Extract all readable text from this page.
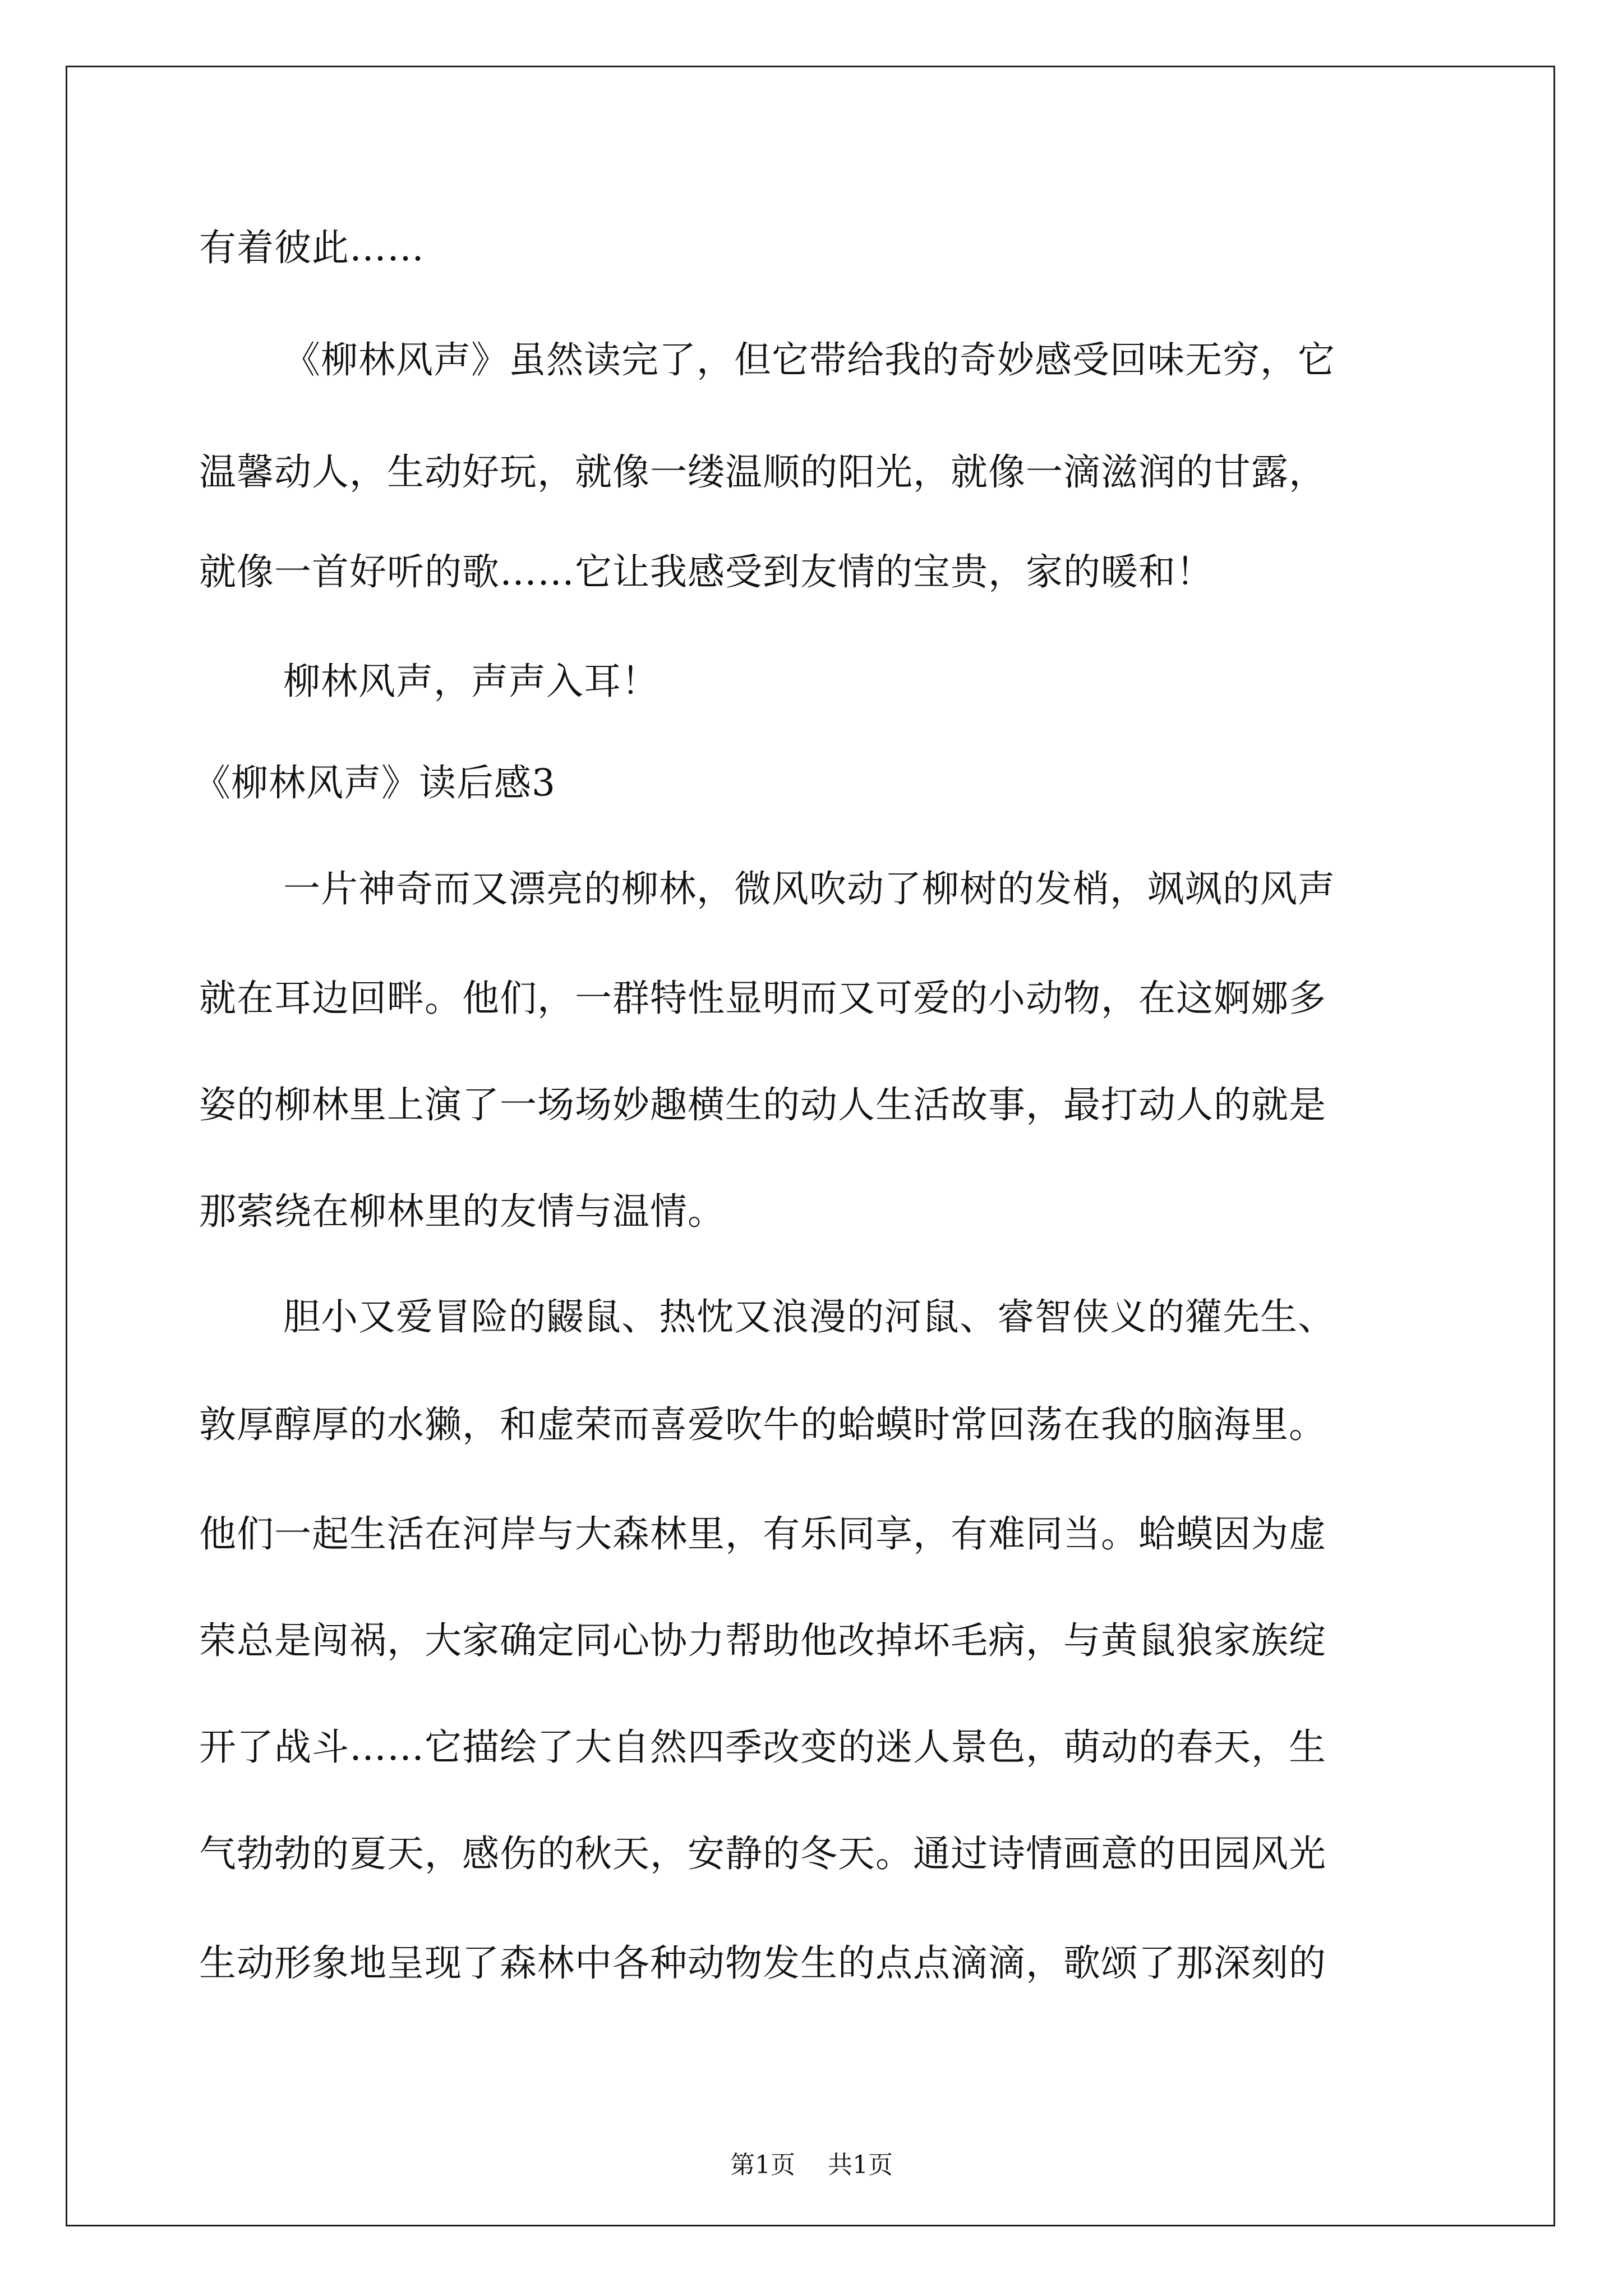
有着彼此……
《柳林风声》虽然读完了，但它带给我的奇妙感受回味无穷，它
温馨动人，生动好玩，就像一缕温顺的阳光，就像一滴滋润的甘露，
就像一首好听的歌……它让我感受到友情的宝贵，家的暖和！
柳林风声，声声入耳！
《柳林风声》读后感3
一片神奇而又漂亮的柳林，微风吹动了柳树的发梢，飒飒的风声
就在耳边回畔。他们，一群特性显明而又可爱的小动物，在这婀娜多
姿的柳林里上演了一场场妙趣横生的动人生活故事，最打动人的就是
那萦绕在柳林里的友情与温情。
胆小又爱冒险的鼹鼠、热忱又浪漫的河鼠、睿智侠义的獾先生、
敦厚醇厚的水獭，和虚荣而喜爱吹牛的蛤蟆时常回荡在我的脑海里。
他们一起生活在河岸与大森林里，有乐同享，有难同当。蛤蟆因为虚
荣总是闯祸，大家确定同心协力帮助他改掉坏毛病，与黄鼠狼家族绽
开了战斗……它描绘了大自然四季改变的迷人景色，萌动的春天，生
气勃勃的夏天，感伤的秋天，安静的冬天。通过诗情画意的田园风光
生动形象地呈现了森林中各种动物发生的点点滴滴，歌颂了那深刻的
第1页 共1页
